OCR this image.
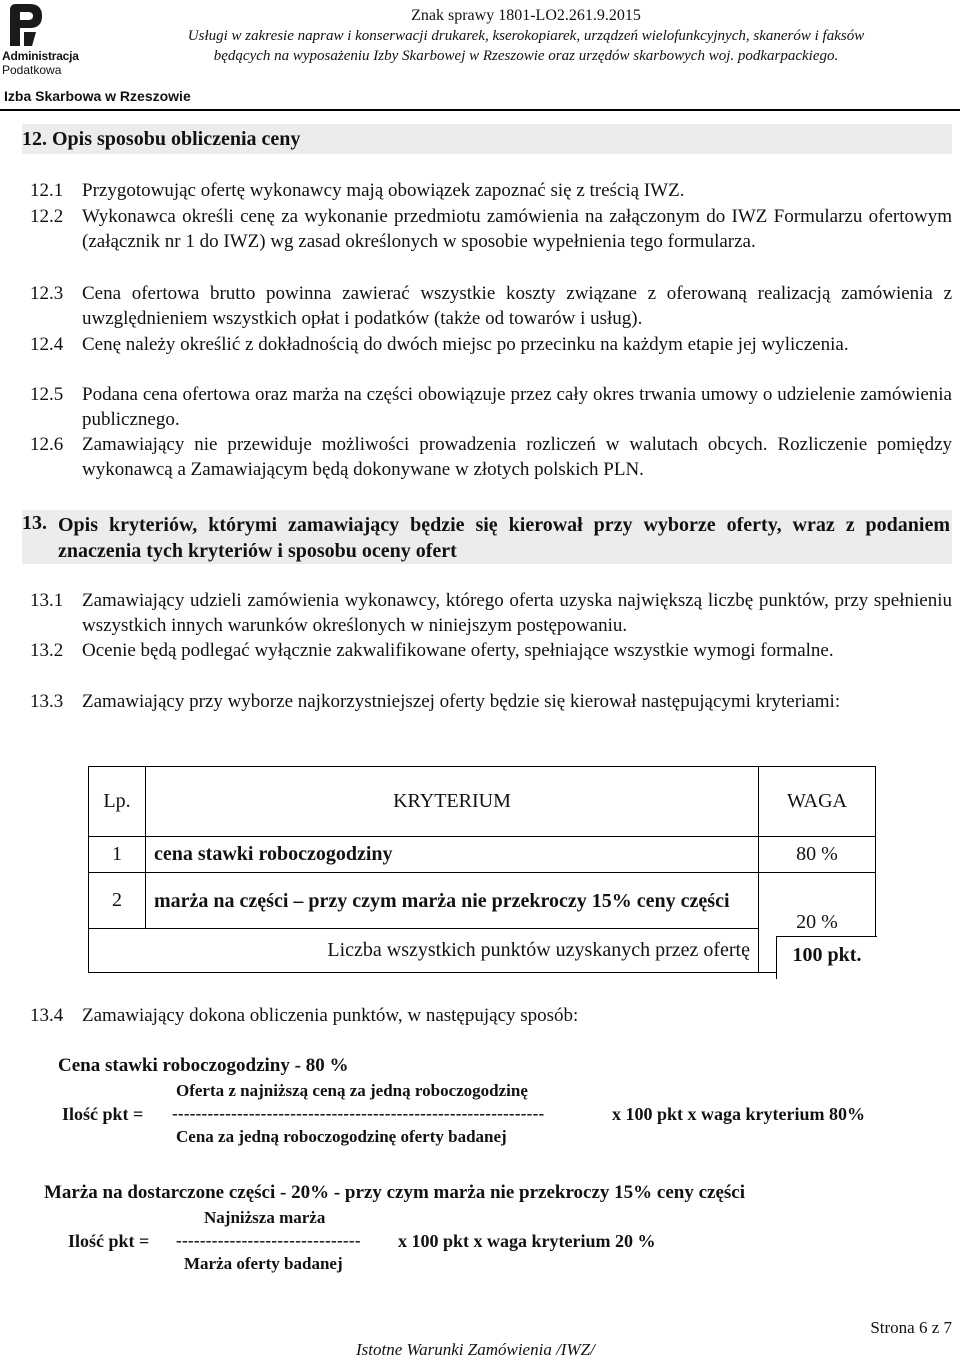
Administracja
Podatkowa
Znak sprawy 1801-LO2.261.9.2015
Usługi w zakresie napraw i konserwacji drukarek, kserokopiarek, urządzeń wielofunkcyjnych, skanerów i faksów
będących na wyposażeniu Izby Skarbowej w Rzeszowie oraz urzędów skarbowych woj. podkarpackiego.
Izba Skarbowa w Rzeszowie
12. Opis sposobu obliczenia ceny
12.1 Przygotowując ofertę wykonawcy mają obowiązek zapoznać się z treścią IWZ.
12.2 Wykonawca określi cenę za wykonanie przedmiotu zamówienia na załączonym do IWZ Formularzu ofertowym (załącznik nr 1 do IWZ) wg zasad określonych w sposobie wypełnienia tego formularza.
12.3 Cena ofertowa brutto powinna zawierać wszystkie koszty związane z oferowaną realizacją zamówienia z uwzględnieniem wszystkich opłat i podatków (także od towarów i usług).
12.4 Cenę należy określić z dokładnością do dwóch miejsc po przecinku na każdym etapie jej wyliczenia.
12.5 Podana cena ofertowa oraz marża na części obowiązuje przez cały okres trwania umowy o udzielenie zamówienia publicznego.
12.6 Zamawiający nie przewiduje możliwości prowadzenia rozliczeń w walutach obcych. Rozliczenie pomiędzy wykonawcą a Zamawiającym będą dokonywane w złotych polskich PLN.
13. Opis kryteriów, którymi zamawiający będzie się kierował przy wyborze oferty, wraz z podaniem znaczenia tych kryteriów i sposobu oceny ofert
13.1 Zamawiający udzieli zamówienia wykonawcy, którego oferta uzyska największą liczbę punktów, przy spełnieniu wszystkich innych warunków określonych w niniejszym postępowaniu.
13.2 Ocenie będą podlegać wyłącznie zakwalifikowane oferty, spełniające wszystkie wymogi formalne.
13.3 Zamawiający przy wyborze najkorzystniejszej oferty będzie się kierował następującymi kryteriami:
Lp.	KRYTERIUM	WAGA
1	cena stawki roboczogodziny	80 %
2	marża na części – przy czym marża nie przekroczy 15% ceny części	20 %
Liczba wszystkich punktów uzyskanych przez ofertę			100 pkt.
13.4 Zamawiający dokona obliczenia punktów, w następujący sposób:
Cena stawki roboczogodziny - 80 %
Oferta z najniższą ceną za jedną roboczogodzinę
Ilość pkt = ---------------------------------------------------------------	x 100 pkt x waga kryterium 80%
Cena za jedną roboczogodzinę oferty badanej
Marża na dostarczone części - 20% - przy czym marża nie przekroczy 15% ceny części
Najniższa marża
Ilość pkt = ------------------------------- x 100 pkt x waga kryterium 20 %
Marża oferty badanej
Strona 6 z 7
Istotne Warunki Zamówienia /IWZ/
